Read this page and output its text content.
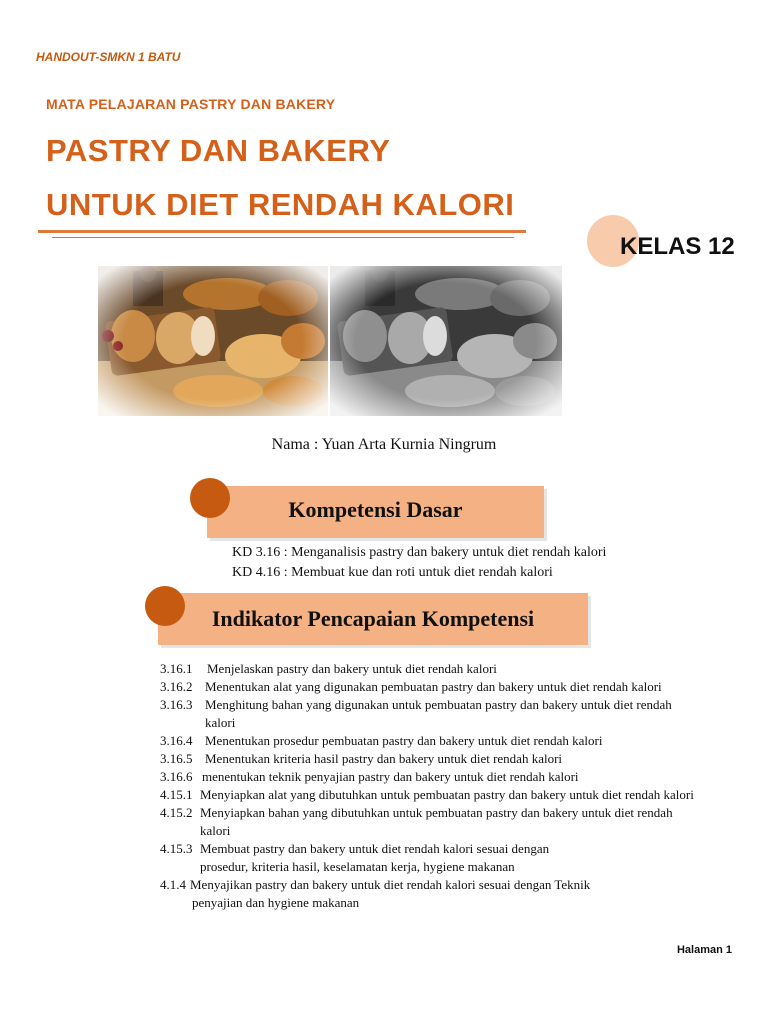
HANDOUT-SMKN 1 BATU
MATA PELAJARAN PASTRY DAN BAKERY
PASTRY DAN BAKERY
UNTUK DIET RENDAH KALORI
KELAS 12
Nama : Yuan Arta Kurnia Ningrum
Kompetensi Dasar
KD 3.16 : Menganalisis pastry dan bakery untuk diet rendah kalori
KD 4.16 : Membuat kue dan roti untuk diet rendah kalori
Indikator Pencapaian Kompetensi
3.16.1 Menjelaskan pastry dan bakery untuk diet rendah kalori
3.16.2 Menentukan alat yang digunakan pembuatan pastry dan bakery untuk diet rendah kalori
3.16.3 Menghitung bahan yang digunakan untuk pembuatan pastry dan bakery untuk diet rendah
kalori
3.16.4 Menentukan prosedur pembuatan pastry dan bakery untuk diet rendah kalori
3.16.5 Menentukan kriteria hasil pastry dan bakery untuk diet rendah kalori
3.16.6 menentukan teknik penyajian pastry dan bakery untuk diet rendah kalori
4.15.1 Menyiapkan alat yang dibutuhkan untuk pembuatan pastry dan bakery untuk diet rendah kalori
4.15.2 Menyiapkan bahan yang dibutuhkan untuk pembuatan pastry dan bakery untuk diet rendah
kalori
4.15.3 Membuat pastry dan bakery untuk diet rendah kalori sesuai dengan
prosedur, kriteria hasil, keselamatan kerja, hygiene makanan
4.1.4 Menyajikan pastry dan bakery untuk diet rendah kalori sesuai dengan Teknik
penyajian dan hygiene makanan
Halaman 1
